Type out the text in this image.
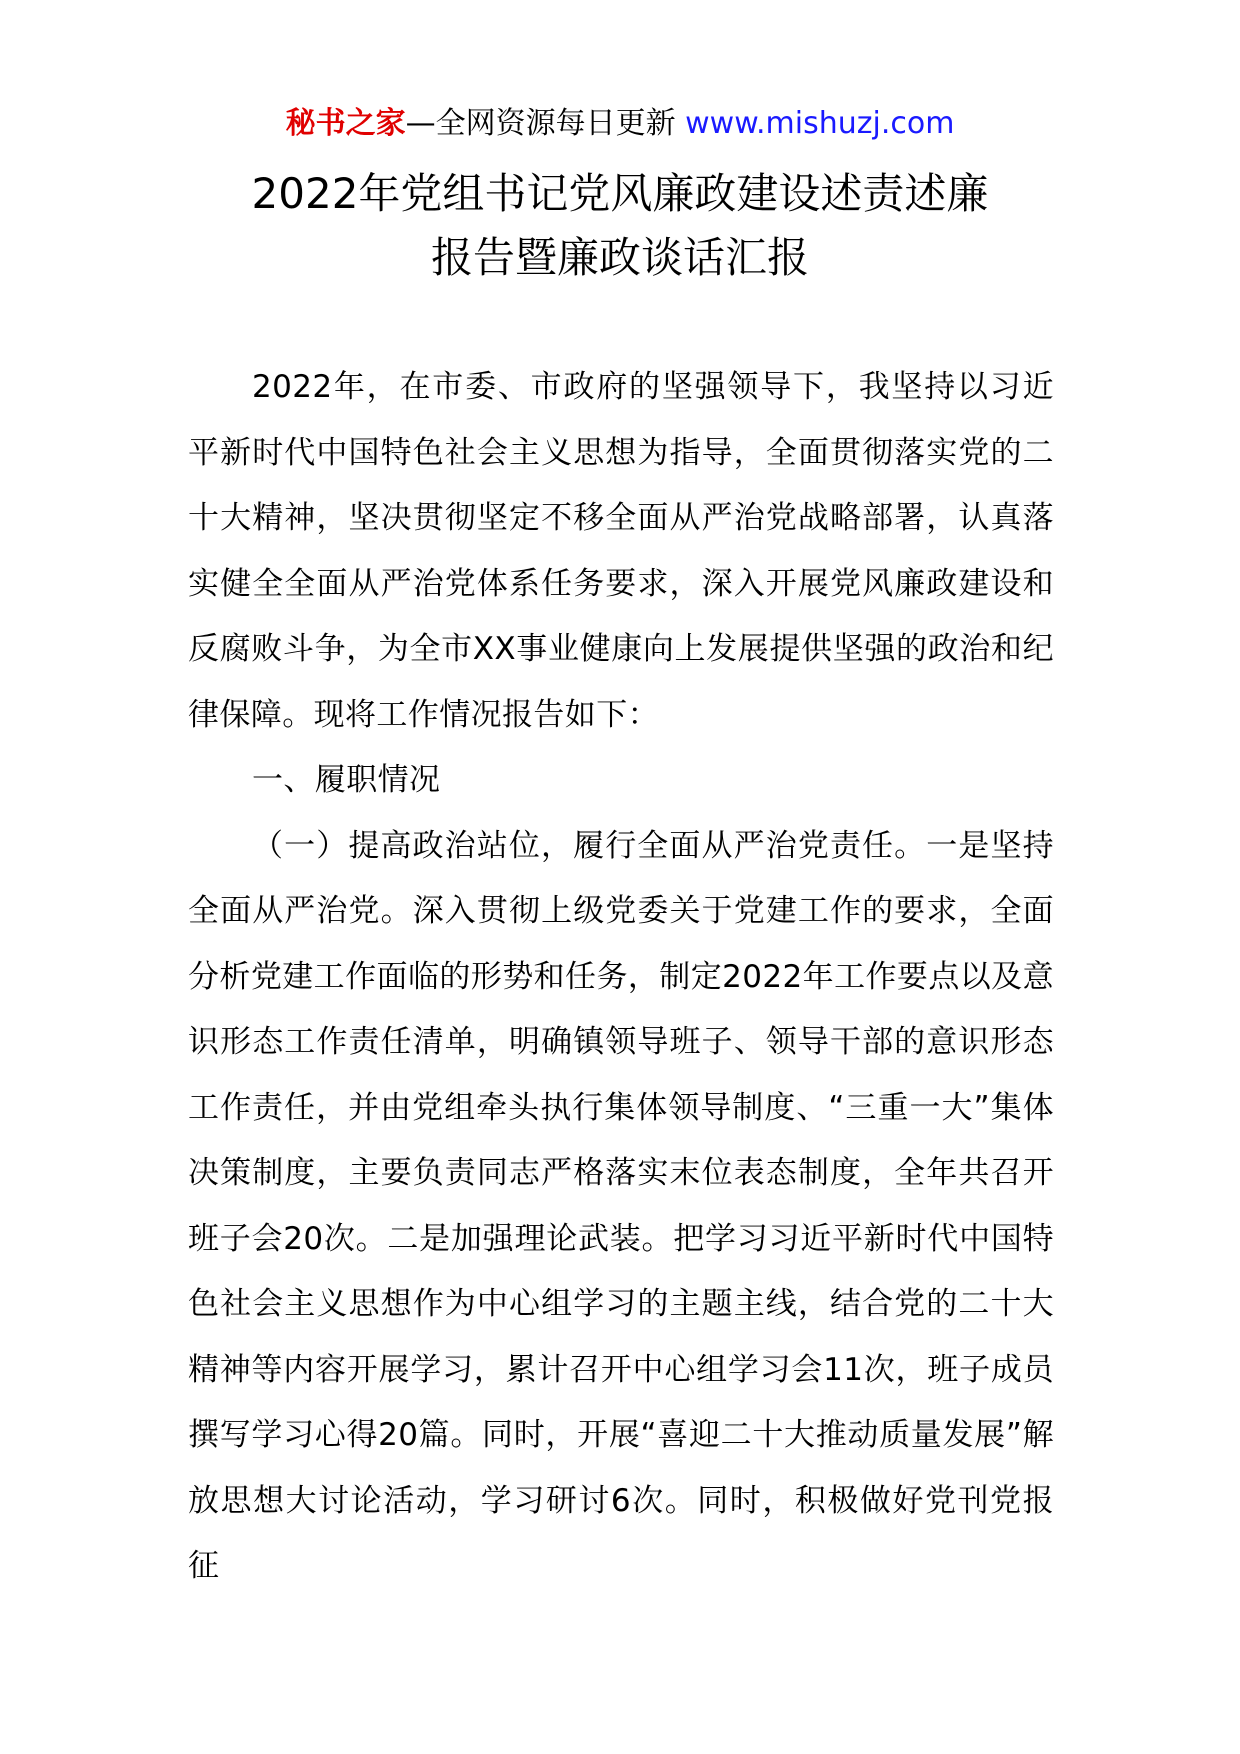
秘书之家—全网资源每日更新 www.mishuzj.com
2022年党组书记党风廉政建设述责述廉
报告暨廉政谈话汇报

2022年，在市委、市政府的坚强领导下，我坚持以习近平新时代中国特色社会主义思想为指导，全面贯彻落实党的二十大精神，坚决贯彻坚定不移全面从严治党战略部署，认真落实健全全面从严治党体系任务要求，深入开展党风廉政建设和反腐败斗争，为全市XX事业健康向上发展提供坚强的政治和纪律保障。现将工作情况报告如下：

一、履职情况

（一）提高政治站位，履行全面从严治党责任。一是坚持全面从严治党。深入贯彻上级党委关于党建工作的要求，全面分析党建工作面临的形势和任务，制定2022年工作要点以及意识形态工作责任清单，明确镇领导班子、领导干部的意识形态工作责任，并由党组牵头执行集体领导制度、“三重一大”集体决策制度，主要负责同志严格落实末位表态制度，全年共召开班子会20次。二是加强理论武装。把学习习近平新时代中国特色社会主义思想作为中心组学习的主题主线，结合党的二十大精神等内容开展学习，累计召开中心组学习会11次，班子成员撰写学习心得20篇。同时，开展“喜迎二十大推动质量发展”解放思想大讨论活动，学习研讨6次。同时，积极做好党刊党报征
